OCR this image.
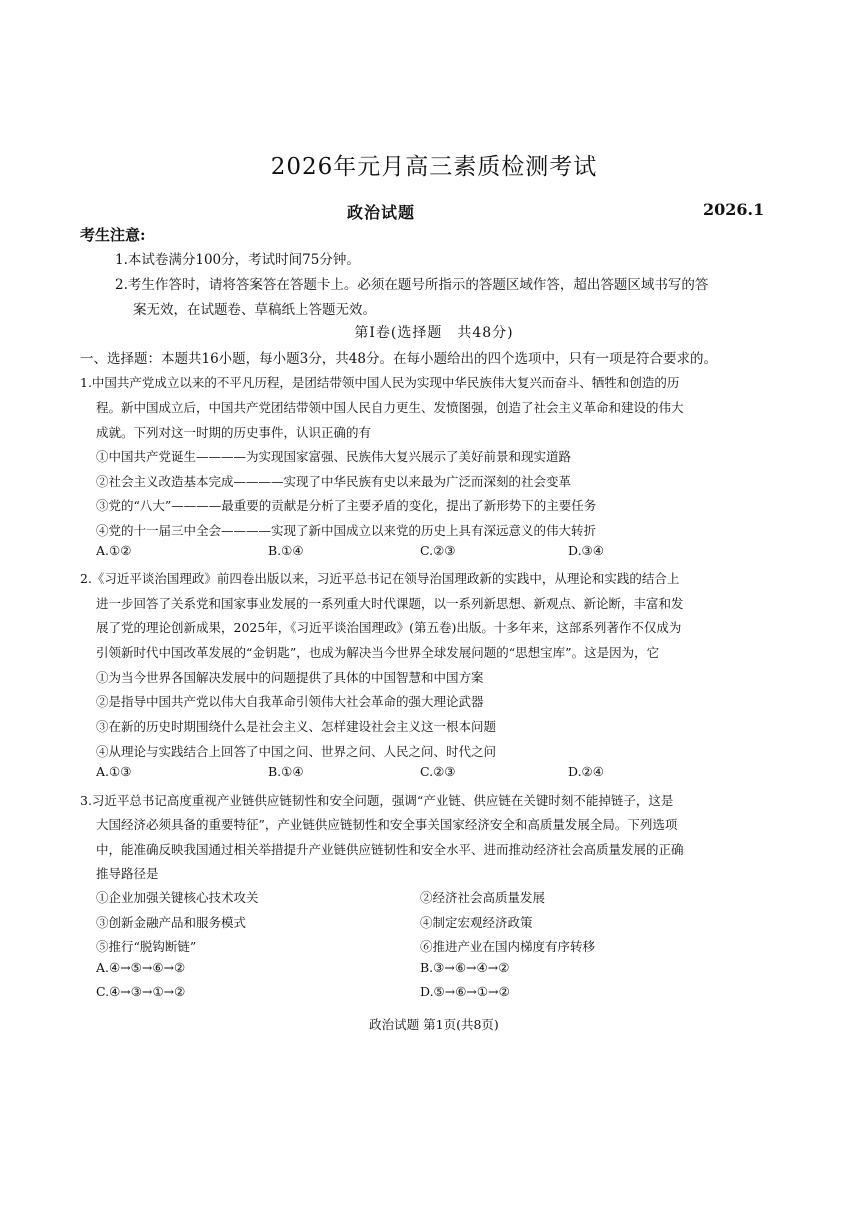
2026年元月高三素质检测考试
政治试题	2026.1
考生注意:
1.本试卷满分100分，考试时间75分钟。
2.考生作答时，请将答案答在答题卡上。必须在题号所指示的答题区域作答，超出答题区域书写的答
案无效，在试题卷、草稿纸上答题无效。
第Ⅰ卷(选择题　共48分)
一、选择题：本题共16小题，每小题3分，共48分。在每小题给出的四个选项中，只有一项是符合要求的。
1.中国共产党成立以来的不平凡历程，是团结带领中国人民为实现中华民族伟大复兴而奋斗、牺牲和创造的历
程。新中国成立后，中国共产党团结带领中国人民自力更生、发愤图强，创造了社会主义革命和建设的伟大
成就。下列对这一时期的历史事件，认识正确的有
①中国共产党诞生————为实现国家富强、民族伟大复兴展示了美好前景和现实道路
②社会主义改造基本完成————实现了中华民族有史以来最为广泛而深刻的社会变革
③党的“八大”————最重要的贡献是分析了主要矛盾的变化，提出了新形势下的主要任务
④党的十一届三中全会————实现了新中国成立以来党的历史上具有深远意义的伟大转折
A.①②	B.①④	C.②③	D.③④
2.《习近平谈治国理政》前四卷出版以来，习近平总书记在领导治国理政新的实践中，从理论和实践的结合上
进一步回答了关系党和国家事业发展的一系列重大时代课题，以一系列新思想、新观点、新论断，丰富和发
展了党的理论创新成果，2025年，《习近平谈治国理政》(第五卷)出版。十多年来，这部系列著作不仅成为
引领新时代中国改革发展的“金钥匙”，也成为解决当今世界全球发展问题的“思想宝库”。这是因为，它
①为当今世界各国解决发展中的问题提供了具体的中国智慧和中国方案
②是指导中国共产党以伟大自我革命引领伟大社会革命的强大理论武器
③在新的历史时期围绕什么是社会主义、怎样建设社会主义这一根本问题
④从理论与实践结合上回答了中国之问、世界之问、人民之问、时代之问
A.①③	B.①④	C.②③	D.②④
3.习近平总书记高度重视产业链供应链韧性和安全问题，强调“产业链、供应链在关键时刻不能掉链子，这是
大国经济必须具备的重要特征”，产业链供应链韧性和安全事关国家经济安全和高质量发展全局。下列选项
中，能准确反映我国通过相关举措提升产业链供应链韧性和安全水平、进而推动经济社会高质量发展的正确
推导路径是
①企业加强关键核心技术攻关	②经济社会高质量发展
③创新金融产品和服务模式	④制定宏观经济政策
⑤推行“脱钩断链”	⑥推进产业在国内梯度有序转移
A.④→⑤→⑥→②	B.③→⑥→④→②
C.④→③→①→②	D.⑤→⑥→①→②
政治试题 第1页(共8页)
